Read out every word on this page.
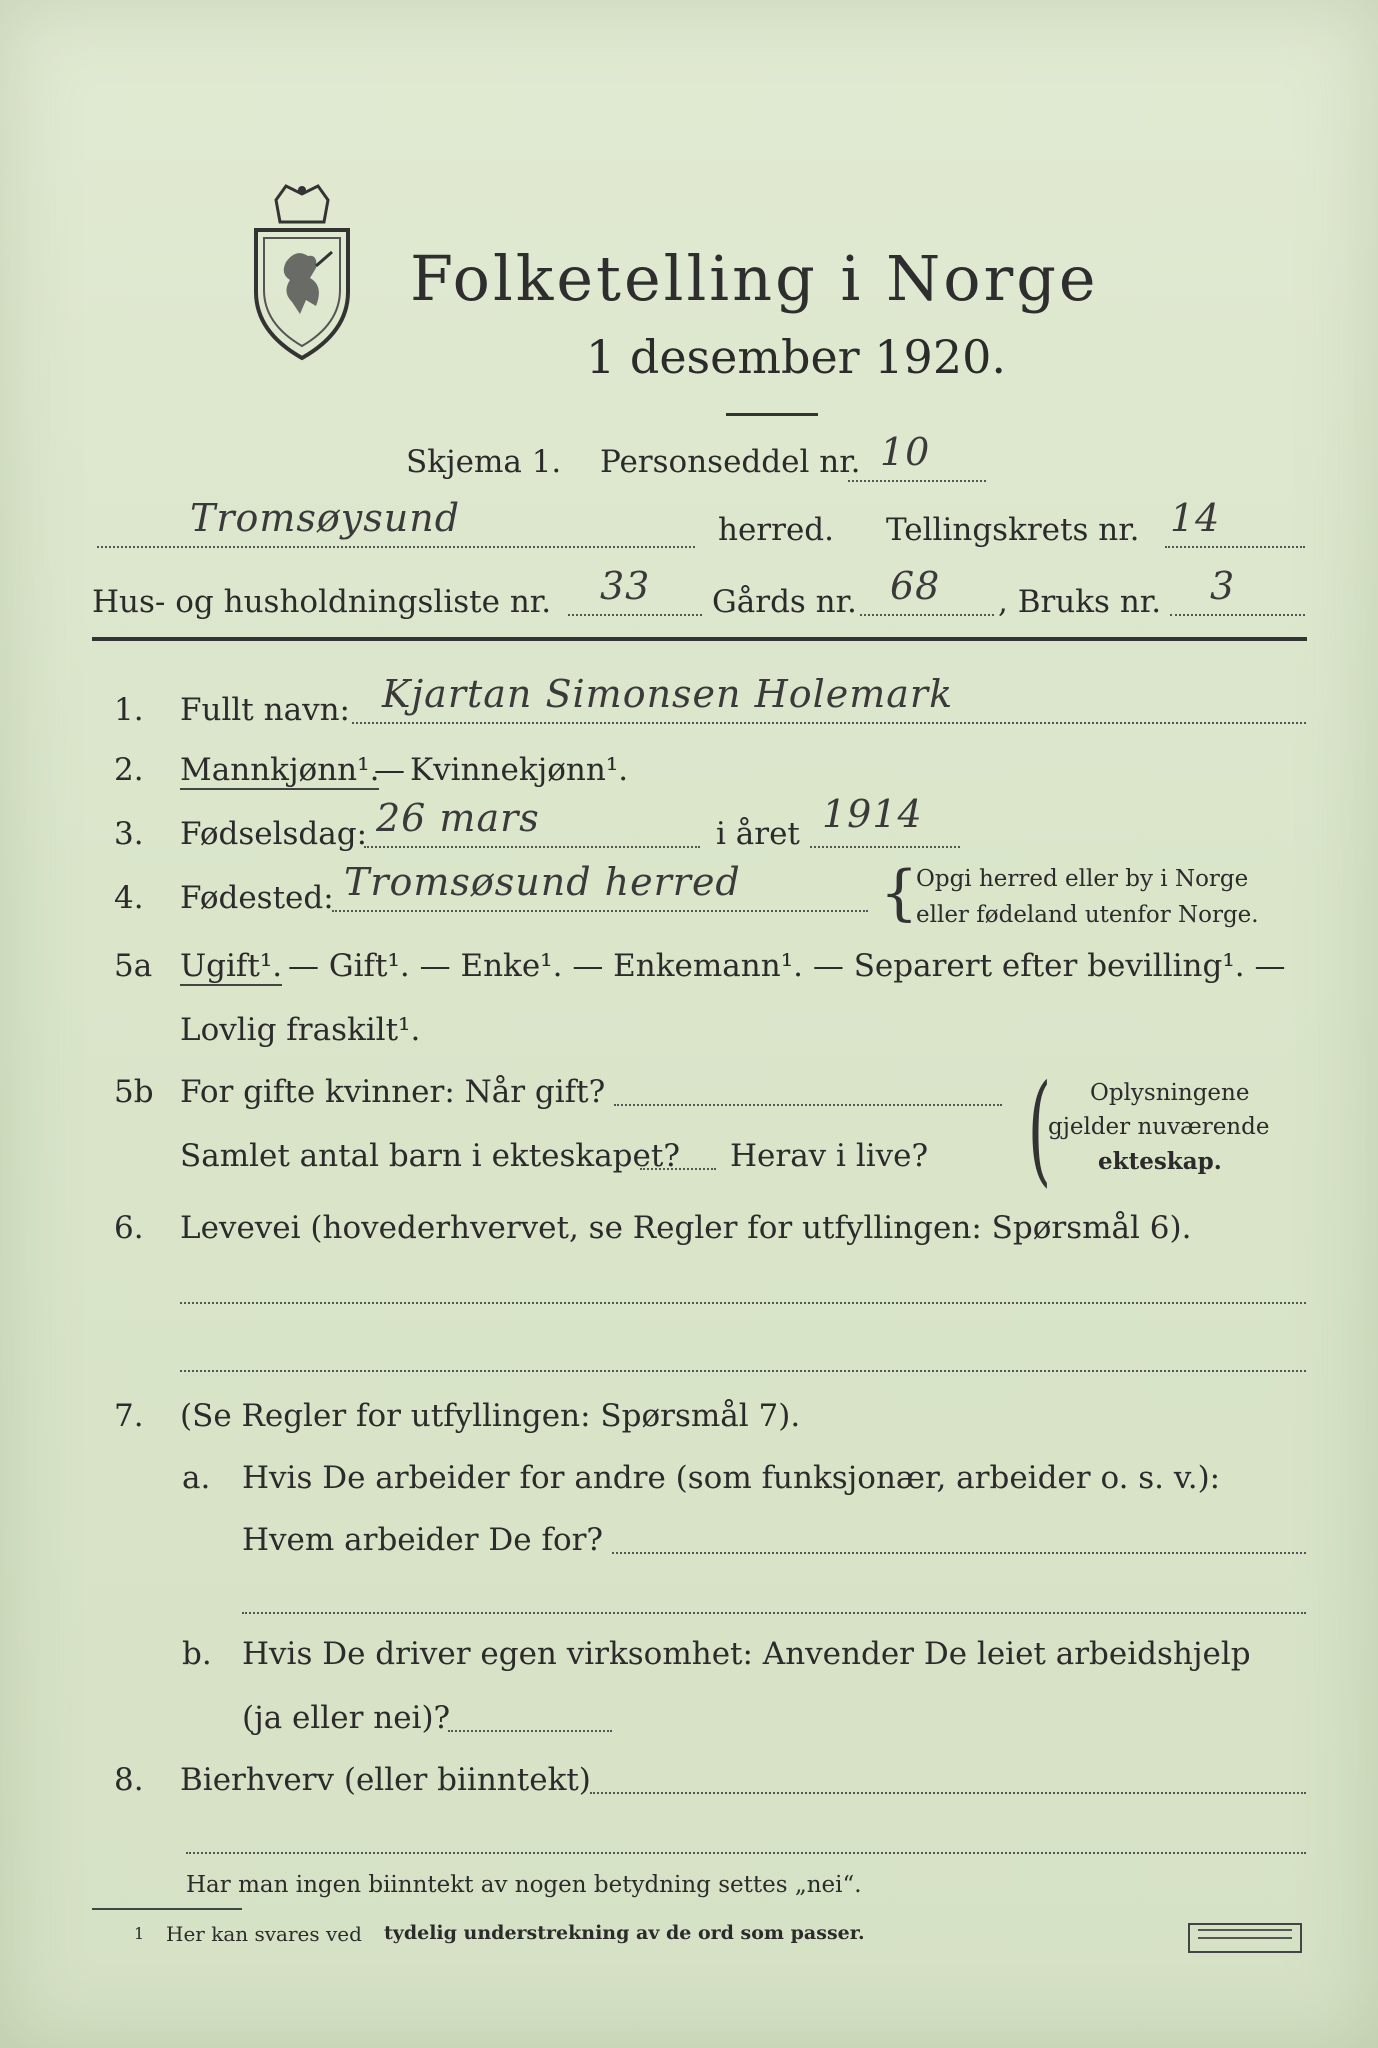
Folketelling i Norge
1 desember 1920.
Skjema 1. Personseddel nr. 10
Tromsøysund	herred. Tellingskrets nr. 14
Hus- og husholdningsliste nr. 33 Gårds nr. 68 , Bruks nr. 3
1. Fullt navn: Kjartan Simonsen Holemark
2. Mannkjønn¹.
— Kvinnekjønn¹.
3. Fødselsdag: 26 mars	i året 1914
4. Fødested: Tromsøsund herred {
Opgi herred eller by i Norge
eller fødeland utenfor Norge.
5a Ugift¹. — Gift¹. — Enke¹. — Enkemann¹. — Separert efter bevilling¹. —
Lovlig fraskilt¹.
5b For gifte kvinner: Når gift?
Samlet antal barn i ekteskapet? Herav i live? ( Oplysningene
gjelder nuværende
ekteskap.
6. Levevei (hovederhvervet, se Regler for utfyllingen: Spørsmål 6).
7. (Se Regler for utfyllingen: Spørsmål 7).
a. Hvis De arbeider for andre (som funksjonær, arbeider o. s. v.):
Hvem arbeider De for?
b. Hvis De driver egen virksomhet: Anvender De leiet arbeidshjelp
(ja eller nei)?
8. Bierhverv (eller biinntekt)
Har man ingen biinntekt av nogen betydning settes „nei“.
1 Her kan svares ved tydelig understrekning av de ord som passer.
